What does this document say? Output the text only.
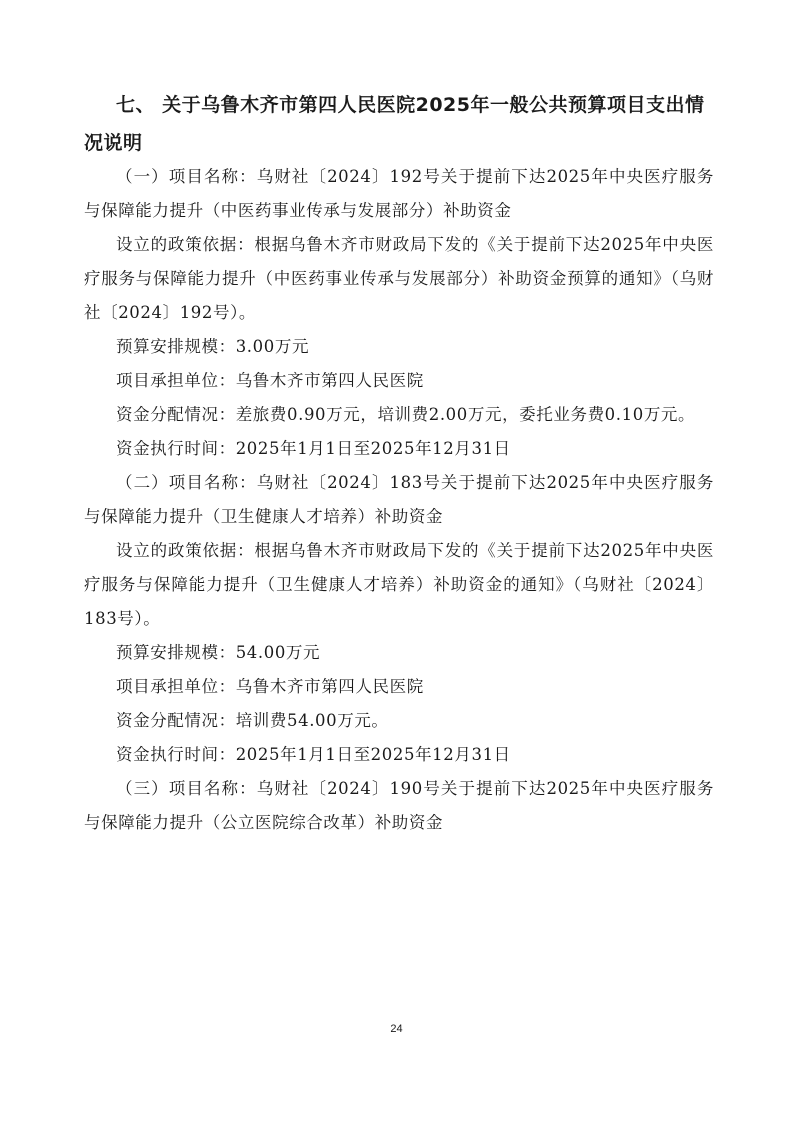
七、 关于乌鲁木齐市第四人民医院2025年一般公共预算项目支出情况说明

（一）项目名称：乌财社〔2024〕192号关于提前下达2025年中央医疗服务与保障能力提升（中医药事业传承与发展部分）补助资金

设立的政策依据：根据乌鲁木齐市财政局下发的《关于提前下达2025年中央医疗服务与保障能力提升（中医药事业传承与发展部分）补助资金预算的通知》（乌财社〔2024〕192号）。

预算安排规模：3.00万元

项目承担单位：乌鲁木齐市第四人民医院

资金分配情况：差旅费0.90万元，培训费2.00万元，委托业务费0.10万元。

资金执行时间：2025年1月1日至2025年12月31日

（二）项目名称：乌财社〔2024〕183号关于提前下达2025年中央医疗服务与保障能力提升（卫生健康人才培养）补助资金

设立的政策依据：根据乌鲁木齐市财政局下发的《关于提前下达2025年中央医疗服务与保障能力提升（卫生健康人才培养）补助资金的通知》（乌财社〔2024〕183号）。

预算安排规模：54.00万元

项目承担单位：乌鲁木齐市第四人民医院

资金分配情况：培训费54.00万元。

资金执行时间：2025年1月1日至2025年12月31日

（三）项目名称：乌财社〔2024〕190号关于提前下达2025年中央医疗服务与保障能力提升（公立医院综合改革）补助资金

24
